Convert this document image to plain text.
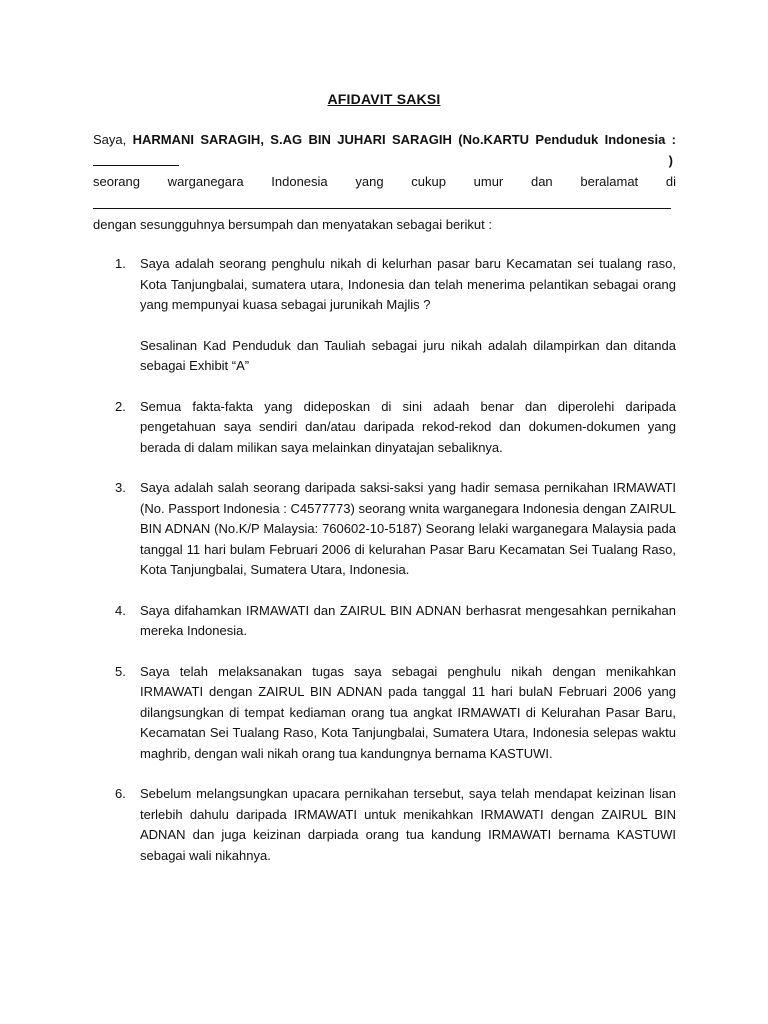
AFIDAVIT SAKSI

Saya, HARMANI SARAGIH, S.AG BIN JUHARI SARAGIH (No.KARTU Penduduk Indonesia :

)

seorang warganegara Indonesia yang cukup umur dan beralamat di

dengan sesungguhnya bersumpah dan menyatakan sebagai berikut :

1. Saya adalah seorang penghulu nikah di kelurhan pasar baru Kecamatan sei tualang raso, Kota Tanjungbalai, sumatera utara, Indonesia dan telah menerima pelantikan sebagai orang yang mempunyai kuasa sebagai jurunikah Majlis ?

Sesalinan Kad Penduduk dan Tauliah sebagai juru nikah adalah dilampirkan dan ditanda sebagai Exhibit “A”

2. Semua fakta-fakta yang dideposkan di sini adaah benar dan diperolehi daripada pengetahuan saya sendiri dan/atau daripada rekod-rekod dan dokumen-dokumen yang berada di dalam milikan saya melainkan dinyatajan sebaliknya.

3. Saya adalah salah seorang daripada saksi-saksi yang hadir semasa pernikahan IRMAWATI (No. Passport Indonesia : C4577773) seorang wnita warganegara Indonesia dengan ZAIRUL BIN ADNAN (No.K/P Malaysia: 760602-10-5187) Seorang lelaki warganegara Malaysia pada tanggal 11 hari bulam Februari 2006 di kelurahan Pasar Baru Kecamatan Sei Tualang Raso, Kota Tanjungbalai, Sumatera Utara, Indonesia.

4. Saya difahamkan IRMAWATI dan ZAIRUL BIN ADNAN berhasrat mengesahkan pernikahan mereka Indonesia.

5. Saya telah melaksanakan tugas saya sebagai penghulu nikah dengan menikahkan IRMAWATI dengan ZAIRUL BIN ADNAN pada tanggal 11 hari bulaN Februari 2006 yang dilangsungkan di tempat kediaman orang tua angkat IRMAWATI di Kelurahan Pasar Baru, Kecamatan Sei Tualang Raso, Kota Tanjungbalai, Sumatera Utara, Indonesia selepas waktu maghrib, dengan wali nikah orang tua kandungnya bernama KASTUWI.

6. Sebelum melangsungkan upacara pernikahan tersebut, saya telah mendapat keizinan lisan terlebih dahulu daripada IRMAWATI untuk menikahkan IRMAWATI dengan ZAIRUL BIN ADNAN dan juga keizinan darpiada orang tua kandung IRMAWATI bernama KASTUWI sebagai wali nikahnya.
